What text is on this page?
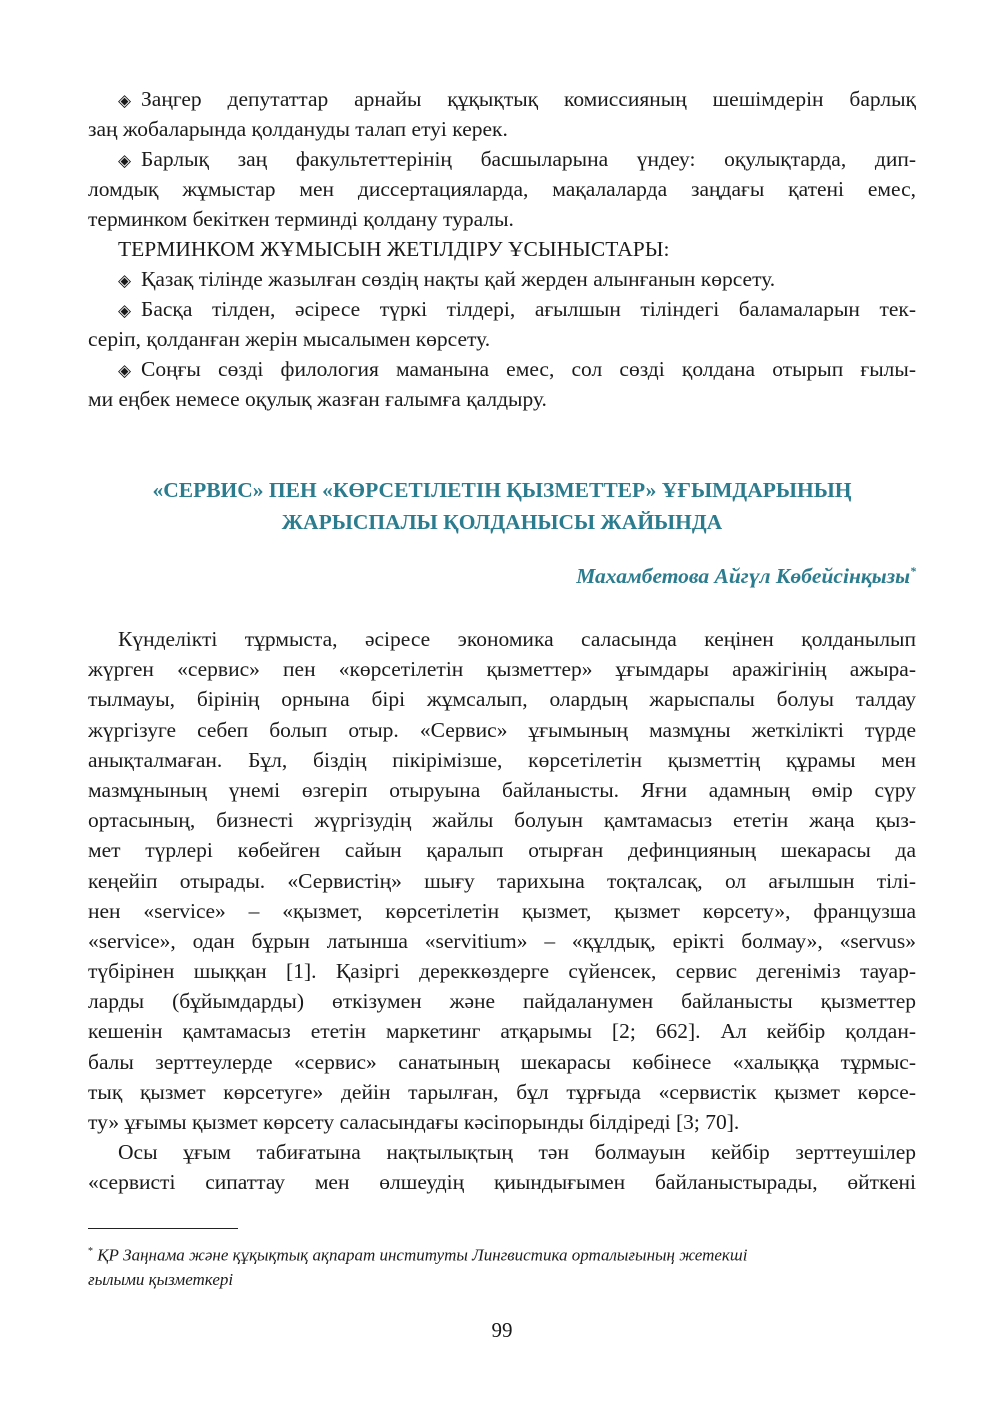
◈ Заңгер депутаттар арнайы құқықтық комиссияның шешімдерін барлық
заң жобаларында қолдануды талап етуі керек.
◈ Барлық заң факультеттерінің басшыларына үндеу: оқулықтарда, дип-
ломдық жұмыстар мен диссертацияларда, мақалаларда заңдағы қатені емес,
терминком бекіткен терминді қолдану туралы.
ТЕРМИНКОМ ЖҰМЫСЫН ЖЕТІЛДІРУ ҰСЫНЫСТАРЫ:
◈ Қазақ тілінде жазылған сөздің нақты қай жерден алынғанын көрсету.
◈ Басқа тілден, әсіресе түркі тілдері, ағылшын тіліндегі баламаларын тек-
серіп, қолданған жерін мысалымен көрсету.
◈ Соңғы сөзді филология маманына емес, сол сөзді қолдана отырып ғылы-
ми еңбек немесе оқулық жазған ғалымға қалдыру.
«СЕРВИС» ПЕН «КӨРСЕТІЛЕТІН ҚЫЗМЕТТЕР» ҰҒЫМДАРЫНЫҢ
ЖАРЫСПАЛЫ ҚОЛДАНЫСЫ ЖАЙЫНДА
Махамбетова Айгүл Көбейсінқызы*
Күнделікті тұрмыста, әсіресе экономика саласында кеңінен қолданылып
жүрген «сервис» пен «көрсетілетін қызметтер» ұғымдары аражігінің ажыра-
тылмауы, бірінің орнына бірі жұмсалып, олардың жарыспалы болуы талдау
жүргізуге себеп болып отыр. «Сервис» ұғымының мазмұны жеткілікті түрде
анықталмаған. Бұл, біздің пікірімізше, көрсетілетін қызметтің құрамы мен
мазмұнының үнемі өзгеріп отыруына байланысты. Яғни адамның өмір сүру
ортасының, бизнесті жүргізудің жайлы болуын қамтамасыз ететін жаңа қыз-
мет түрлері көбейген сайын қаралып отырған дефинцияның шекарасы да
кеңейіп отырады. «Сервистің» шығу тарихына тоқталсақ, ол ағылшын тілі-
нен «service» – «қызмет, көрсетілетін қызмет, қызмет көрсету», французша
«service», одан бұрын латынша «servitium» – «құлдық, ерікті болмау», «servus»
түбірінен шыққан [1]. Қазіргі дереккөздерге сүйенсек, сервис дегеніміз тауар-
ларды (бұйымдарды) өткізумен және пайдаланумен байланысты қызметтер
кешенін қамтамасыз ететін маркетинг атқарымы [2; 662]. Ал кейбір қолдан-
балы зерттеулерде «сервис» санатының шекарасы көбінесе «халыққа тұрмыс-
тық қызмет көрсетуге» дейін тарылған, бұл тұрғыда «сервистік қызмет көрсе-
ту» ұғымы қызмет көрсету саласындағы кәсіпорынды білдіреді [3; 70].
Осы ұғым табиғатына нақтылықтың тән болмауын кейбір зерттеушілер
«сервисті сипаттау мен өлшеудің қиындығымен байланыстырады, өйткені
* ҚР Заңнама және құқықтық ақпарат институты Лингвистика орталығының жетекші
ғылыми қызметкері
99
